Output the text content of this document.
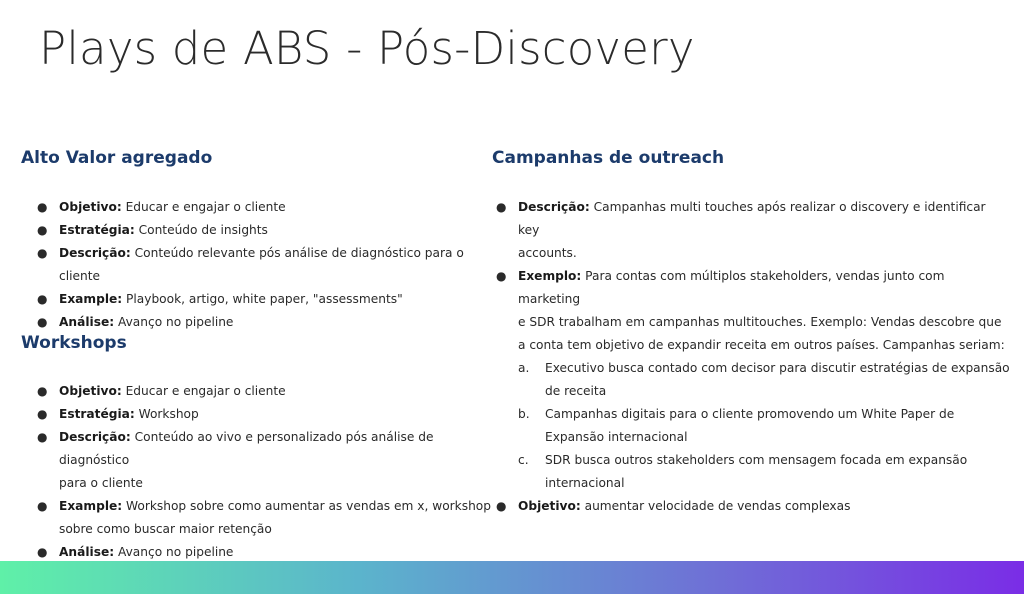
Plays de ABS - Pós-Discovery
Alto Valor agregado
● Objetivo: Educar e engajar o cliente
● Estratégia: Conteúdo de insights
● Descrição: Conteúdo relevante pós análise de diagnóstico para o cliente
● Example: Playbook, artigo, white paper, "assessments"
● Análise: Avanço no pipeline
Workshops
● Objetivo: Educar e engajar o cliente
● Estratégia: Workshop
● Descrição: Conteúdo ao vivo e personalizado pós análise de diagnóstico
para o cliente
● Example: Workshop sobre como aumentar as vendas em x, workshop
sobre como buscar maior retenção
● Análise: Avanço no pipeline
Campanhas de outreach
● Descrição: Campanhas multi touches após realizar o discovery e identificar key
accounts.
● Exemplo: Para contas com múltiplos stakeholders, vendas junto com marketing
e SDR trabalham em campanhas multitouches. Exemplo: Vendas descobre que
a conta tem objetivo de expandir receita em outros países. Campanhas seriam:
a. Executivo busca contado com decisor para discutir estratégias de expansão
de receita
b. Campanhas digitais para o cliente promovendo um White Paper de
Expansão internacional
c. SDR busca outros stakeholders com mensagem focada em expansão
internacional
● Objetivo: aumentar velocidade de vendas complexas
